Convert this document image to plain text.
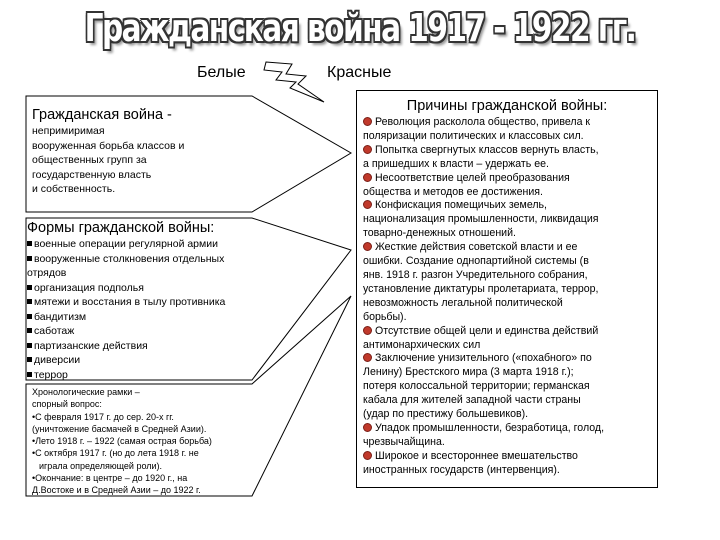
Гражданская война 1917 - 1922 гг.
Белые	Красные
Гражданская война -
непримиримая
вооруженная борьба классов и
общественных групп за
государственную власть
и собственность.
Формы гражданской войны:
военные операции регулярной армии
вооруженные столкновения отдельных
отрядов
организация подполья
мятежи и восстания в тылу противника
бандитизм
саботаж
партизанские действия
диверсии
террор
Хронологические рамки –
спорный вопрос:
•С февраля 1917 г. до сер. 20-х гг.
(уничтожение басмачей в Средней Азии).
•Лето 1918 г. – 1922 (самая острая борьба)
•С октября 1917 г. (но до лета 1918 г. не
играла определяющей роли).
•Окончание: в центре – до 1920 г., на
Д.Востоке и в Средней Азии – до 1922 г.
Причины гражданской войны:
Революция расколола общество, привела к
поляризации политических и классовых сил.
Попытка свергнутых классов вернуть власть,
а пришедших к власти – удержать ее.
Несоответствие целей преобразования
общества и методов ее достижения.
Конфискация помещичьих земель,
национализация промышленности, ликвидация
товарно-денежных отношений.
Жесткие действия советской власти и ее
ошибки. Создание однопартийной системы (в
янв. 1918 г. разгон Учредительного собрания,
установление диктатуры пролетариата, террор,
невозможность легальной политической
борьбы).
Отсутствие общей цели и единства действий
антимонархических сил
Заключение унизительного («похабного» по
Ленину) Брестского мира (3 марта 1918 г.);
потеря колоссальной территории; германская
кабала для жителей западной части страны
(удар по престижу большевиков).
Упадок промышленности, безработица, голод,
чрезвычайщина.
Широкое и всестороннее вмешательство
иностранных государств (интервенция).
